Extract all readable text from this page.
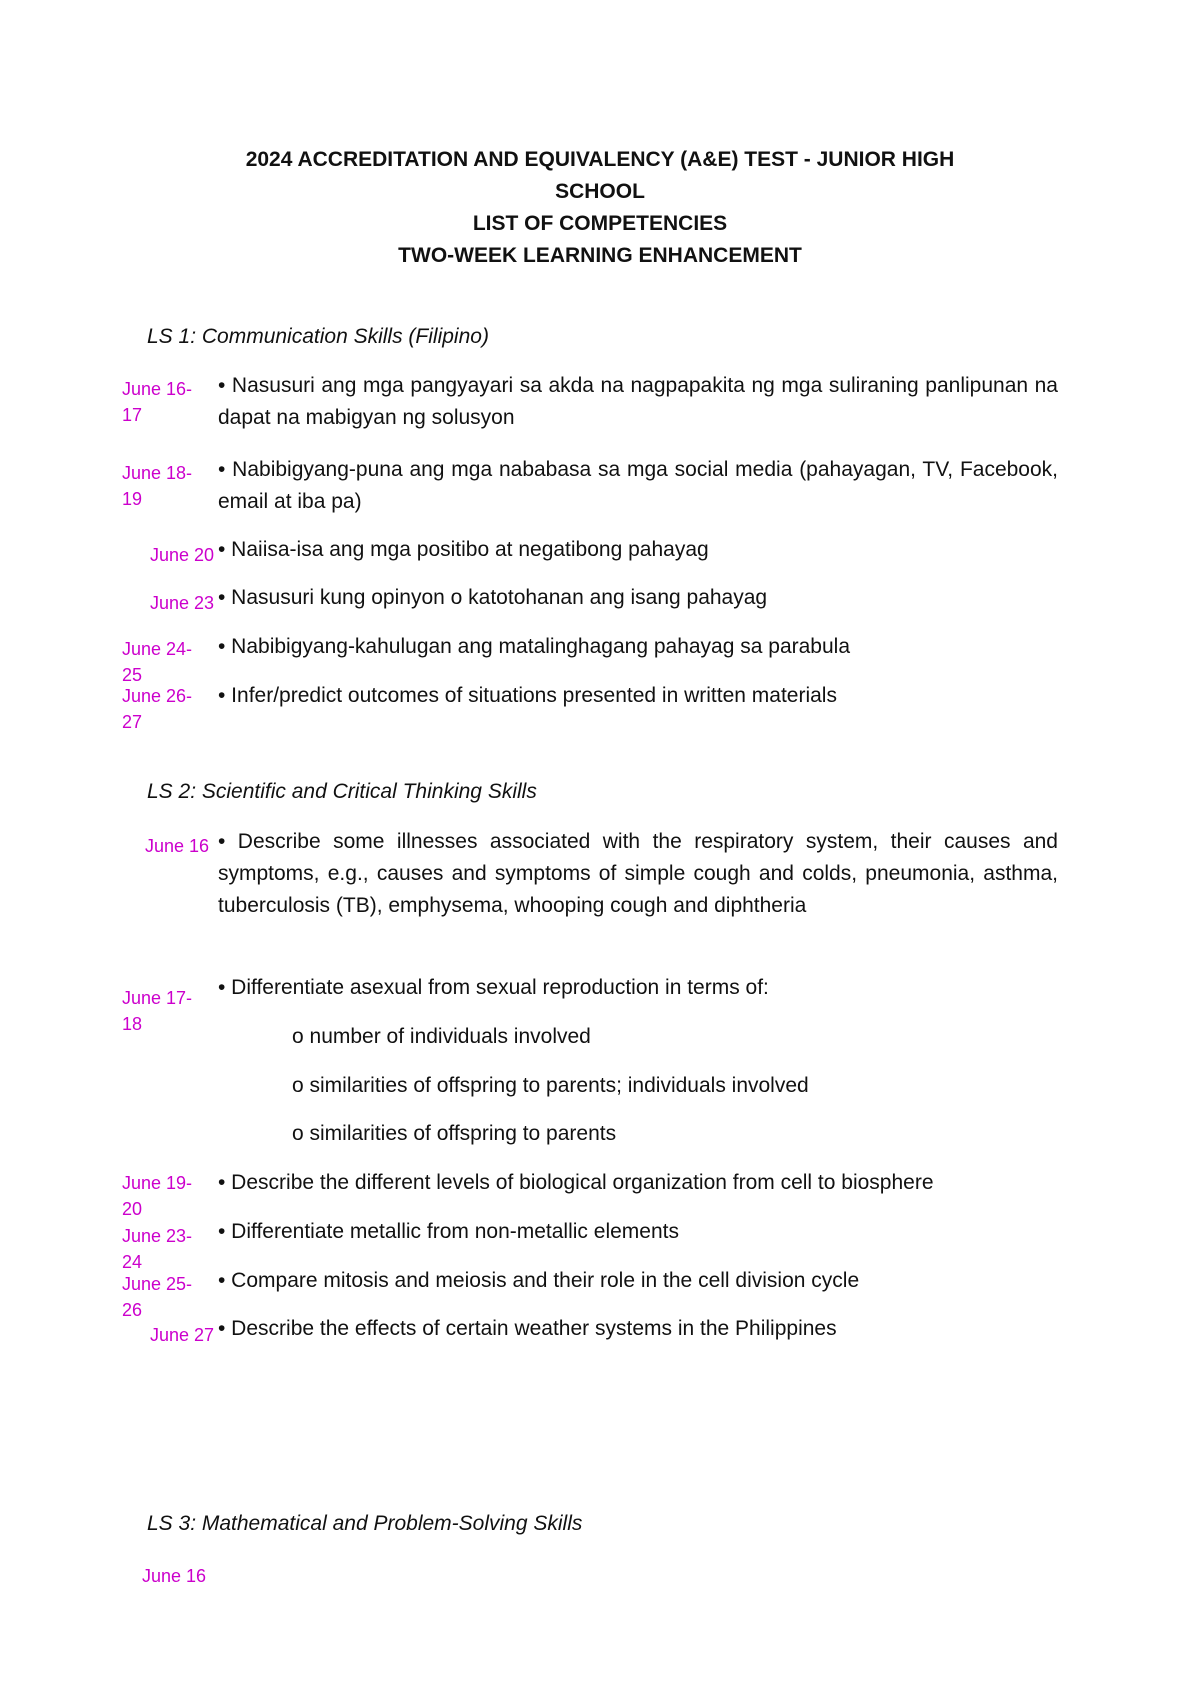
2024 ACCREDITATION AND EQUIVALENCY (A&E) TEST - JUNIOR HIGH
SCHOOL
LIST OF COMPETENCIES
TWO-WEEK LEARNING ENHANCEMENT
LS 1: Communication Skills (Filipino)
June 16-
17
• Nasusuri ang mga pangyayari sa akda na nagpapakita ng mga suliraning panlipunan na dapat na mabigyan ng solusyon
June 18-
19
• Nabibigyang-puna ang mga nababasa sa mga social media (pahayagan, TV, Facebook, email at iba pa)
June 20 • Naiisa-isa ang mga positibo at negatibong pahayag
June 23 • Nasusuri kung opinyon o katotohanan ang isang pahayag
June 24-
25
• Nabibigyang-kahulugan ang matalinghagang pahayag sa parabula
June 26-
27
• Infer/predict outcomes of situations presented in written materials
LS 2: Scientific and Critical Thinking Skills
June 16 • Describe some illnesses associated with the respiratory system, their causes and symptoms, e.g., causes and symptoms of simple cough and colds, pneumonia, asthma, tuberculosis (TB), emphysema, whooping cough and diphtheria
June 17-
18
• Differentiate asexual from sexual reproduction in terms of:
o number of individuals involved
o similarities of offspring to parents; individuals involved
o similarities of offspring to parents
June 19-
20
• Describe the different levels of biological organization from cell to biosphere
June 23-
24
• Differentiate metallic from non-metallic elements
June 25-
26
• Compare mitosis and meiosis and their role in the cell division cycle
June 27 • Describe the effects of certain weather systems in the Philippines
LS 3: Mathematical and Problem-Solving Skills
June 16
